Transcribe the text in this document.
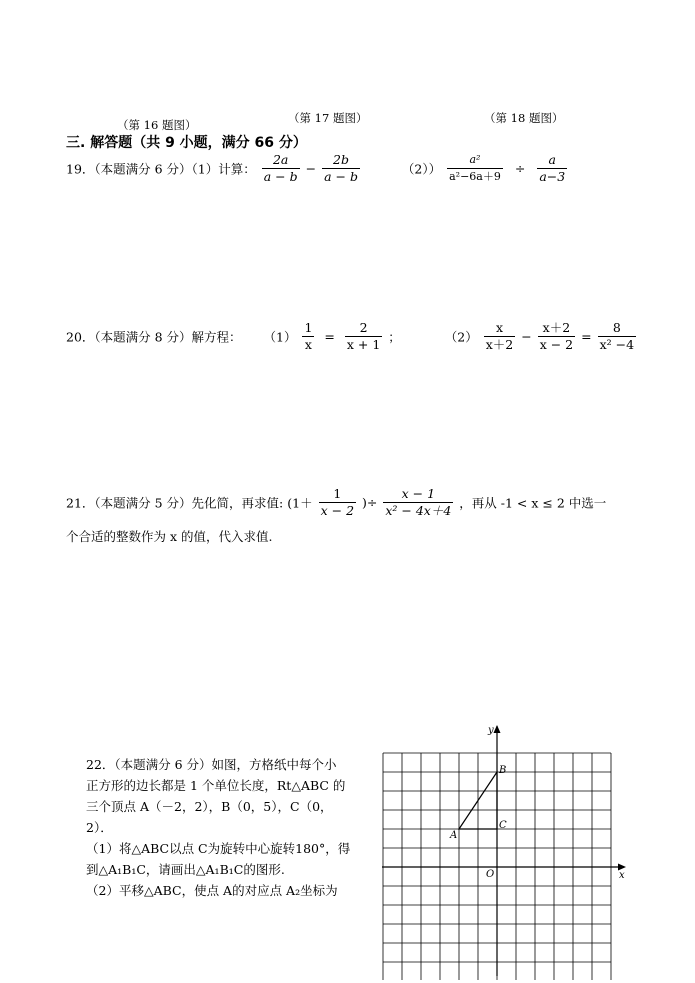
（第 16 题图）	（第 17 题图）	（第 18 题图）
三. 解答题（共 9 小题，满分 66 分）
19．（本题满分 6 分）（1）计算： $\frac{2a}{a - b} - \frac{2b}{a - b}$	$(2)) \frac{\text{a²}}{\text{a²−6a＋9}} \div \frac{a}{a-3}$
20．（本题满分 8 分）解方程： $(1) \frac{1}{x} = \frac{2}{x + 1}$ ；	$(2) \frac{x}{x+2} - \frac{x+2}{x - 2} = \frac{8}{\text{x² −4}}$
21．（本题满分 5 分）先化简，再求值: ($1+ \frac{1}{x - 2}$ )÷ $\frac{x - 1}{\text{x² − 4x＋4}}$ ，再从 -1 < x ≤ 2 中选一
个合适的整数作为 x 的值，代入求值.
22．（本题满分 6 分）如图，方格纸中每个小
正方形的边长都是 1 个单位长度，Rt△ABC 的
三个顶点 A（－2，2），B（0，5），C（0，
2）．
（1）将△ABC以点 C为旋转中心旋转180°，得
到△A₁B₁C，请画出△A₁B₁C的图形.
（2）平移△ABC，使点 A的对应点 A₂坐标为
x
y
O
A
B
C
